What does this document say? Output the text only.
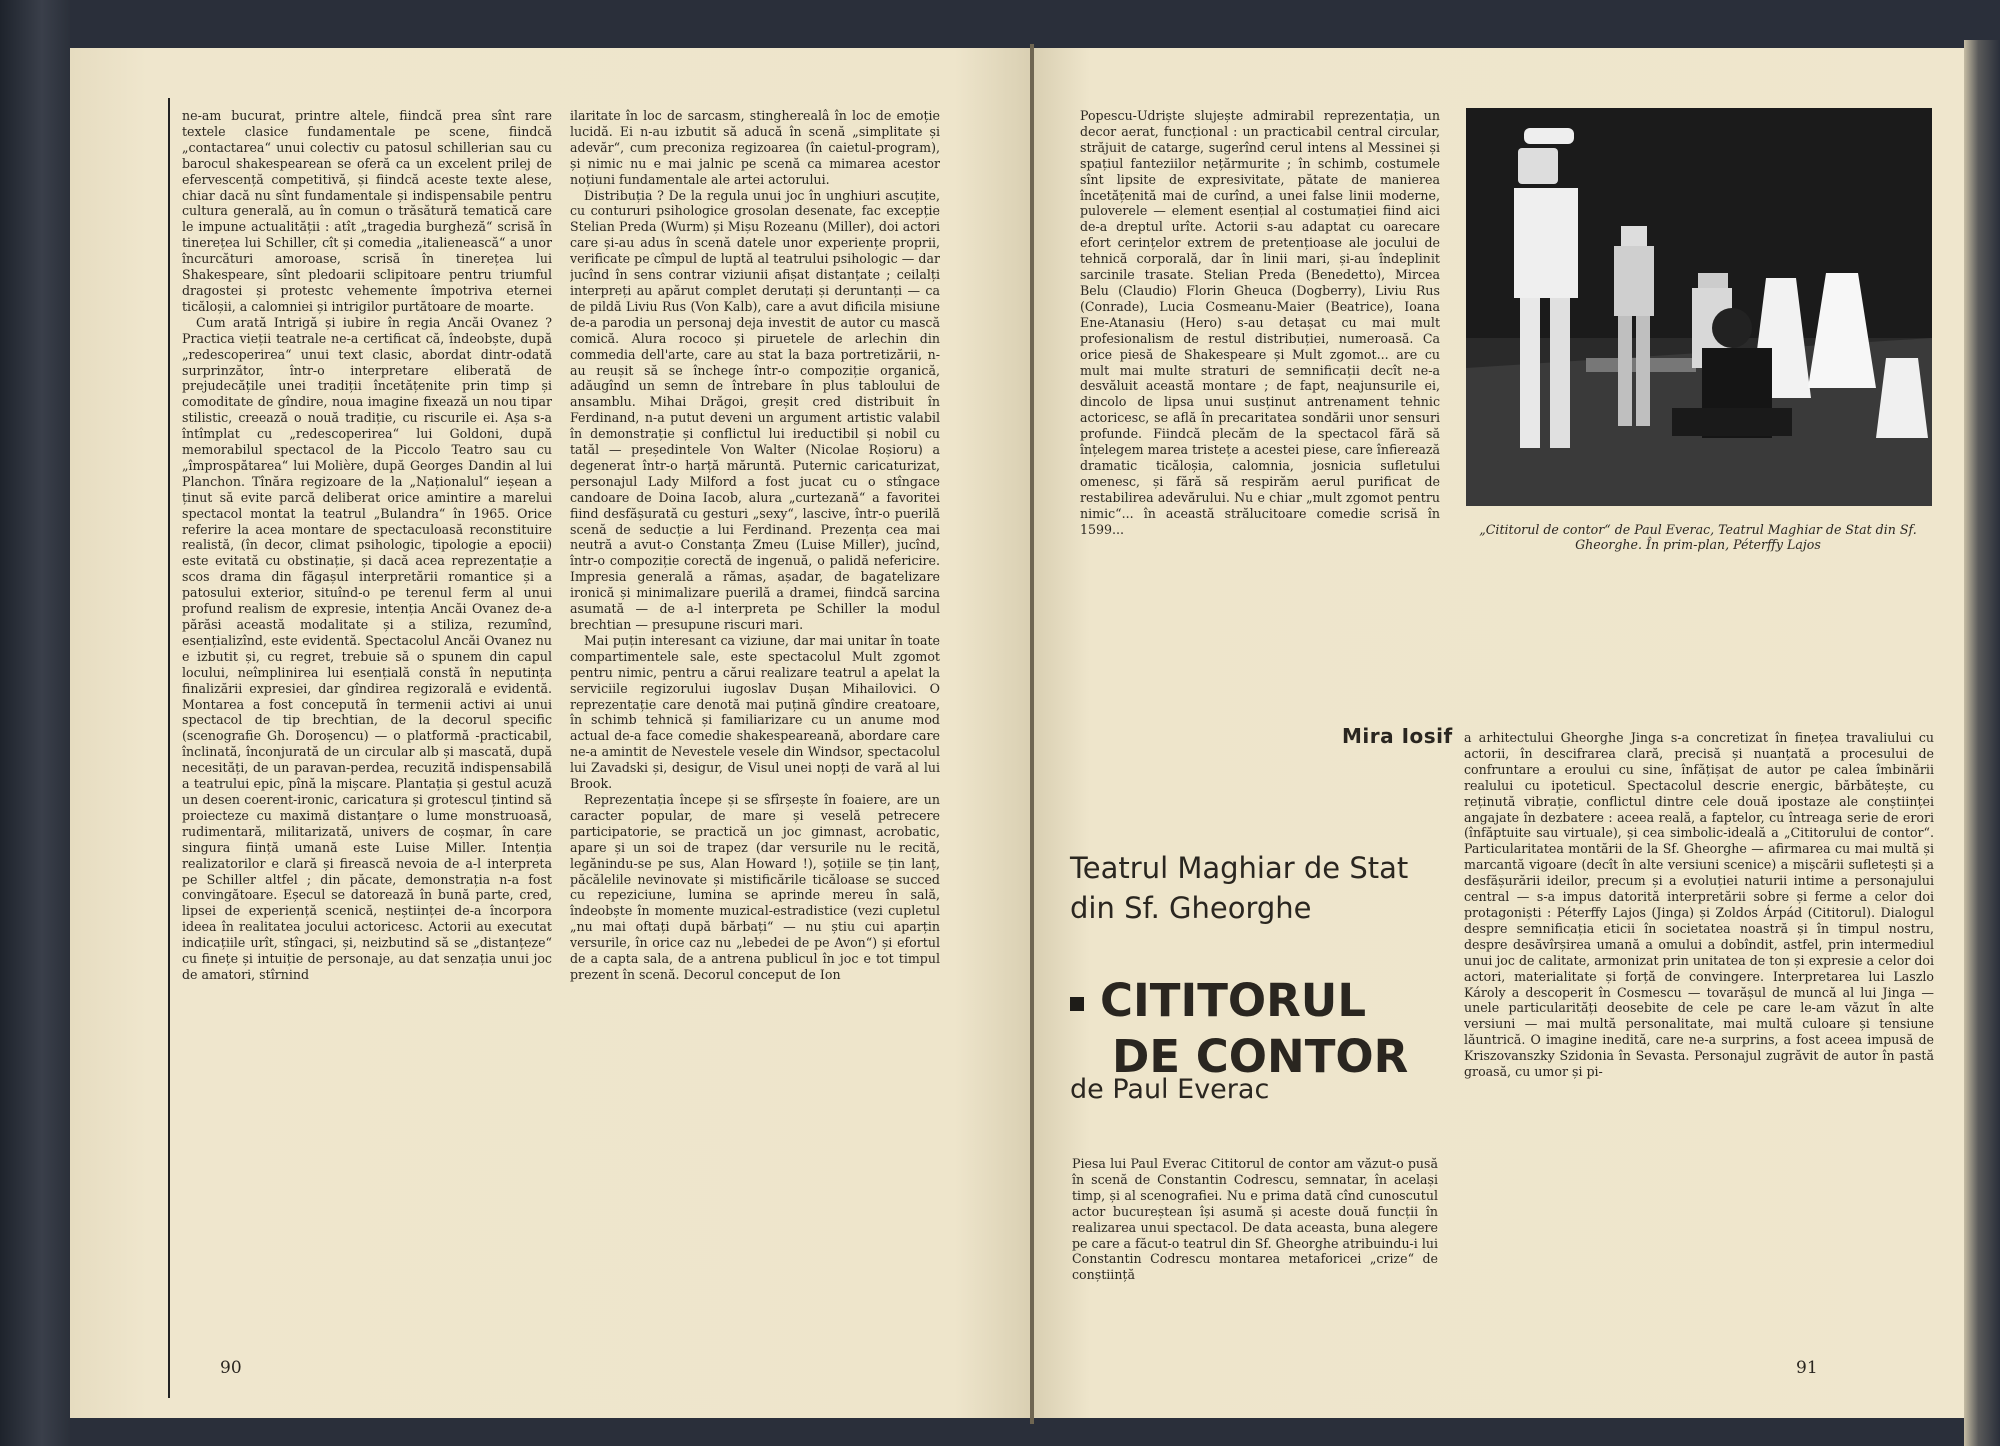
ne-am bucurat, printre altele, fiindcă prea sînt rare textele clasice fundamentale pe scene, fiindcă „contactarea“ unui colectiv cu patosul schillerian sau cu barocul shakespearean se oferă ca un excelent prilej de efervescență competitivă, și fiindcă aceste texte alese, chiar dacă nu sînt fundamentale și indispensabile pentru cultura generală, au în comun o trăsătură tematică care le impune actualității : atît „tragedia burgheză“ scrisă în tinerețea lui Schiller, cît și comedia „italienească“ a unor încurcături amoroase, scrisă în tinerețea lui Shakespeare, sînt pledoarii sclipitoare pentru triumful dragostei și protestc vehemente împotriva eternei ticăloșii, a calomniei și intrigilor purtătoare de moarte.

Cum arată Intrigă și iubire în regia Ancăi Ovanez ? Practica vieții teatrale ne-a certificat că, îndeobște, după „redescoperirea“ unui text clasic, abordat dintr-odată surprinzător, într-o interpretare eliberată de prejudecățile unei tradiții încetățenite prin timp și comoditate de gîndire, noua imagine fixează un nou tipar stilistic, creează o nouă tradiție, cu riscurile ei. Așa s-a întîmplat cu „redescoperirea“ lui Goldoni, după memorabilul spectacol de la Piccolo Teatro sau cu „împrospătarea“ lui Molière, după Georges Dandin al lui Planchon. Tînăra regizoare de la „Naționalul“ ieșean a ținut să evite parcă deliberat orice amintire a marelui spectacol montat la teatrul „Bulandra“ în 1965. Orice referire la acea montare de spectaculoasă reconstituire realistă, (în decor, climat psihologic, tipologie a epocii) este evitată cu obstinație, și dacă acea reprezentație a scos drama din făgașul interpretării romantice și a patosului exterior, situînd-o pe terenul ferm al unui profund realism de expresie, intenția Ancăi Ovanez de-a părăsi această modalitate și a stiliza, rezumînd, esențializînd, este evidentă. Spectacolul Ancăi Ovanez nu e izbutit și, cu regret, trebuie să o spunem din capul locului, neîmplinirea lui esențială constă în neputința finalizării expresiei, dar gîndirea regizorală e evidentă. Montarea a fost concepută în termenii activi ai unui spectacol de tip brechtian, de la decorul specific (scenografie Gh. Doroșencu) — o platformă -practicabil, înclinată, înconjurată de un circular alb și mascată, după necesități, de un paravan-perdea, recuzită indispensabilă a teatrului epic, pînă la mișcare. Plantația și gestul acuză un desen coerent-ironic, caricatura și grotescul țintind să proiecteze cu maximă distanțare o lume monstruoasă, rudimentară, militarizată, univers de coșmar, în care singura ființă umană este Luise Miller. Intenția realizatorilor e clară și firească nevoia de a-l interpreta pe Schiller altfel ; din păcate, demonstrația n-a fost convingătoare. Eșecul se datorează în bună parte, cred, lipsei de experiență scenică, neștiinței de-a încorpora ideea în realitatea jocului actoricesc. Actorii au executat indicațiile urît, stîngaci, și, neizbutind să se „distanțeze“ cu finețe și intuiție de personaje, au dat senzația unui joc de amatori, stîrnind

ilaritate în loc de sarcasm, stingherealâ în loc de emoție lucidă. Ei n-au izbutit să aducă în scenă „simplitate și adevăr“, cum preconiza regizoarea (în caietul-program), și nimic nu e mai jalnic pe scenă ca mimarea acestor noțiuni fundamentale ale artei actorului.

Distribuția ? De la regula unui joc în unghiuri ascuțite, cu contururi psihologice grosolan desenate, fac excepție Stelian Preda (Wurm) și Mișu Rozeanu (Miller), doi actori care și-au adus în scenă datele unor experiențe proprii, verificate pe cîmpul de luptă al teatrului psihologic — dar jucînd în sens contrar viziunii afișat distanțate ; ceilalți interpreți au apărut complet derutați și deruntanți — ca de pildă Liviu Rus (Von Kalb), care a avut dificila misiune de-a parodia un personaj deja investit de autor cu mască comică. Alura rococo și piruetele de arlechin din commedia dell'arte, care au stat la baza portretizării, n-au reușit să se închege într-o compoziție organică, adăugînd un semn de întrebare în plus tabloului de ansamblu. Mihai Drăgoi, greșit cred distribuit în Ferdinand, n-a putut deveni un argument artistic valabil în demonstrație și conflictul lui ireductibil și nobil cu tatăl — președintele Von Walter (Nicolae Roșioru) a degenerat într-o harță măruntă. Puternic caricaturizat, personajul Lady Milford a fost jucat cu o stîngace candoare de Doina Iacob, alura „curtezană“ a favoritei fiind desfășurată cu gesturi „sexy“, lascive, într-o puerilă scenă de seducție a lui Ferdinand. Prezența cea mai neutră a avut-o Constanța Zmeu (Luise Miller), jucînd, într-o compoziție corectă de ingenuă, o palidă nefericire. Impresia generală a rămas, așadar, de bagatelizare ironică și minimalizare puerilă a dramei, fiindcă sarcina asumată — de a-l interpreta pe Schiller la modul brechtian — presupune riscuri mari.

Mai puțin interesant ca viziune, dar mai unitar în toate compartimentele sale, este spectacolul Mult zgomot pentru nimic, pentru a cărui realizare teatrul a apelat la serviciile regizorului iugoslav Dușan Mihailovici. O reprezentație care denotă mai puțină gîndire creatoare, în schimb tehnică și familiarizare cu un anume mod actual de-a face comedie shakespeareană, abordare care ne-a amintit de Nevestele vesele din Windsor, spectacolul lui Zavadski și, desigur, de Visul unei nopți de vară al lui Brook.

Reprezentația începe și se sfîrșește în foaiere, are un caracter popular, de mare și veselă petrecere participatorie, se practică un joc gimnast, acrobatic, apare și un soi de trapez (dar versurile nu le recită, legănindu-se pe sus, Alan Howard !), șoțiile se țin lanț, păcălelile nevinovate și mistificările ticăloase se succed cu repeziciune, lumina se aprinde mereu în sală, îndeobște în momente muzical-estradistice (vezi cupletul „nu mai oftați după bărbați“ — nu știu cui aparțin versurile, în orice caz nu „lebedei de pe Avon“) și efortul de a capta sala, de a antrena publicul în joc e tot timpul prezent în scenă. Decorul conceput de Ion

90

Popescu-Udriște slujește admirabil reprezentația, un decor aerat, funcțional : un practicabil central circular, străjuit de catarge, sugerînd cerul intens al Messinei și spațiul fanteziilor nețărmurite ; în schimb, costumele sînt lipsite de expresivitate, pătate de manierea încetățenită mai de curînd, a unei false linii moderne, puloverele — element esențial al costumației fiind aici de-a dreptul urîte. Actorii s-au adaptat cu oarecare efort cerințelor extrem de pretențioase ale jocului de tehnică corporală, dar în linii mari, și-au îndeplinit sarcinile trasate. Stelian Preda (Benedetto), Mircea Belu (Claudio) Florin Gheuca (Dogberry), Liviu Rus (Conrade), Lucia Cosmeanu-Maier (Beatrice), Ioana Ene-Atanasiu (Hero) s-au detașat cu mai mult profesionalism de restul distribuției, numeroasă. Ca orice piesă de Shakespeare și Mult zgomot... are cu mult mai multe straturi de semnificații decît ne-a desvăluit această montare ; de fapt, neajunsurile ei, dincolo de lipsa unui susținut antrenament tehnic actoricesc, se află în precaritatea sondării unor sensuri profunde. Fiindcă plecăm de la spectacol fără să înțelegem marea tristețe a acestei piese, care înfierează dramatic ticăloșia, calomnia, josnicia sufletului omenesc, și fără să respirăm aerul purificat de restabilirea adevărului. Nu e chiar „mult zgomot pentru nimic“... în această strălucitoare comedie scrisă în 1599...	„Cititorul de contor“ de Paul Everac, Teatrul Maghiar de Stat din Sf. Gheorghe. În prim-plan, Péterffy Lajos
Mira Iosif
Teatrul Maghiar de Stat din Sf. Gheorghe
CITITORUL
DE CONTOR
de Paul Everac

Piesa lui Paul Everac Cititorul de contor am văzut-o pusă în scenă de Constantin Codrescu, semnatar, în același timp, și al scenografiei. Nu e prima dată cînd cunoscutul actor bucureștean își asumă și aceste două funcții în realizarea unui spectacol. De data aceasta, buna alegere pe care a făcut-o teatrul din Sf. Gheorghe atribuindu-i lui Constantin Codrescu montarea metaforicei „crize“ de conștiință

a arhitectului Gheorghe Jinga s-a concretizat în finețea travaliului cu actorii, în descifrarea clară, precisă și nuanțată a procesului de confruntare a eroului cu sine, înfățișat de autor pe calea îmbinării realului cu ipoteticul. Spectacolul descrie energic, bărbătește, cu reținută vibrație, conflictul dintre cele două ipostaze ale conștiinței angajate în dezbatere : aceea reală, a faptelor, cu întreaga serie de erori (înfăptuite sau virtuale), și cea simbolic-ideală a „Cititorului de contor“. Particularitatea montării de la Sf. Gheorghe — afirmarea cu mai multă și marcantă vigoare (decît în alte versiuni scenice) a mișcării sufletești și a desfășurării ideilor, precum și a evoluției naturii intime a personajului central — s-a impus datorită interpretării sobre și ferme a celor doi protagoniști : Péterffy Lajos (Jinga) și Zoldos Árpád (Cititorul). Dialogul despre semnificația eticii în societatea noastră și în timpul nostru, despre desăvîrșirea umană a omului a dobîndit, astfel, prin intermediul unui joc de calitate, armonizat prin unitatea de ton și expresie a celor doi actori, materialitate și forță de convingere. Interpretarea lui Laszlo Károly a descoperit în Cosmescu — tovarășul de muncă al lui Jinga — unele particularități deosebite de cele pe care le-am văzut în alte versiuni — mai multă personalitate, mai multă culoare și tensiune lăuntrică. O imagine inedită, care ne-a surprins, a fost aceea impusă de Kriszovanszky Szidonia în Sevasta. Personajul zugrăvit de autor în pastă groasă, cu umor și pi-

91
